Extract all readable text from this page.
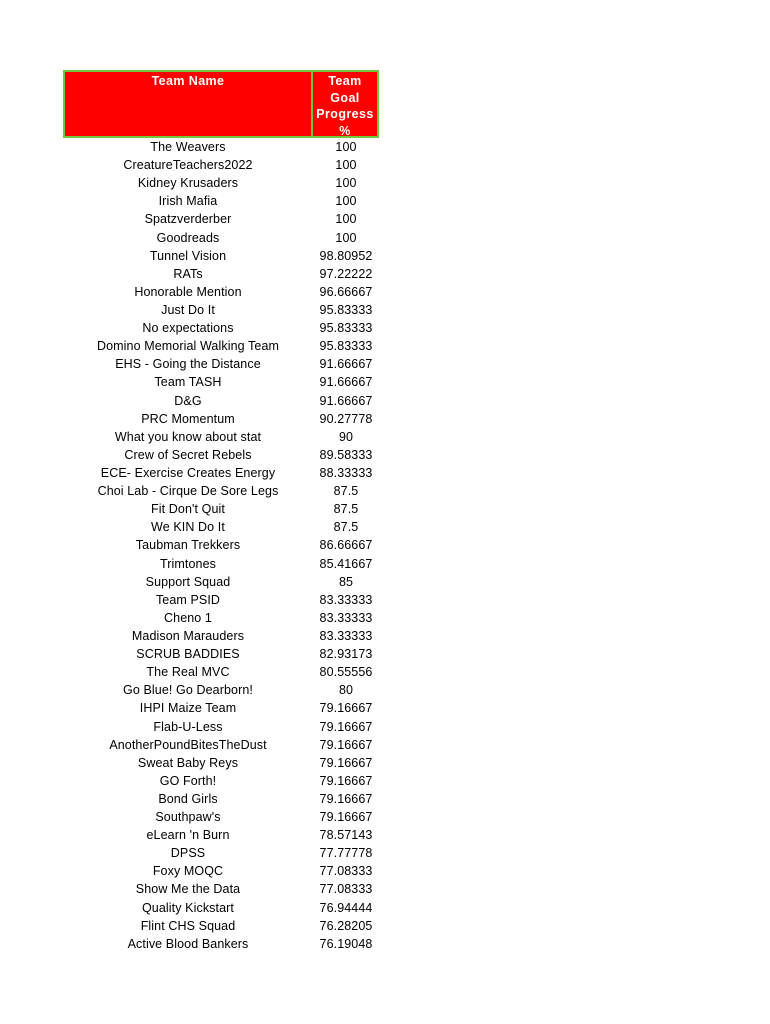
Team Name	Team
Goal
Progress
%
The Weavers	100
CreatureTeachers2022	100
Kidney Krusaders	100
Irish Mafia	100
Spatzverderber	100
Goodreads	100
Tunnel Vision	98.80952
RATs	97.22222
Honorable Mention	96.66667
Just Do It	95.83333
No expectations	95.83333
Domino Memorial Walking Team	95.83333
EHS - Going the Distance	91.66667
Team TASH	91.66667
D&G	91.66667
PRC Momentum	90.27778
What you know about stat	90
Crew of Secret Rebels	89.58333
ECE- Exercise Creates Energy	88.33333
Choi Lab - Cirque De Sore Legs	87.5
Fit Don't Quit	87.5
We KIN Do It	87.5
Taubman Trekkers	86.66667
Trimtones	85.41667
Support Squad	85
Team PSID	83.33333
Cheno 1	83.33333
Madison Marauders	83.33333
SCRUB BADDIES	82.93173
The Real MVC	80.55556
Go Blue! Go Dearborn!	80
IHPI Maize Team	79.16667
Flab-U-Less	79.16667
AnotherPoundBitesTheDust	79.16667
Sweat Baby Reys	79.16667
GO Forth!	79.16667
Bond Girls	79.16667
Southpaw's	79.16667
eLearn 'n Burn	78.57143
DPSS	77.77778
Foxy MOQC	77.08333
Show Me the Data	77.08333
Quality Kickstart	76.94444
Flint CHS Squad	76.28205
Active Blood Bankers	76.19048
